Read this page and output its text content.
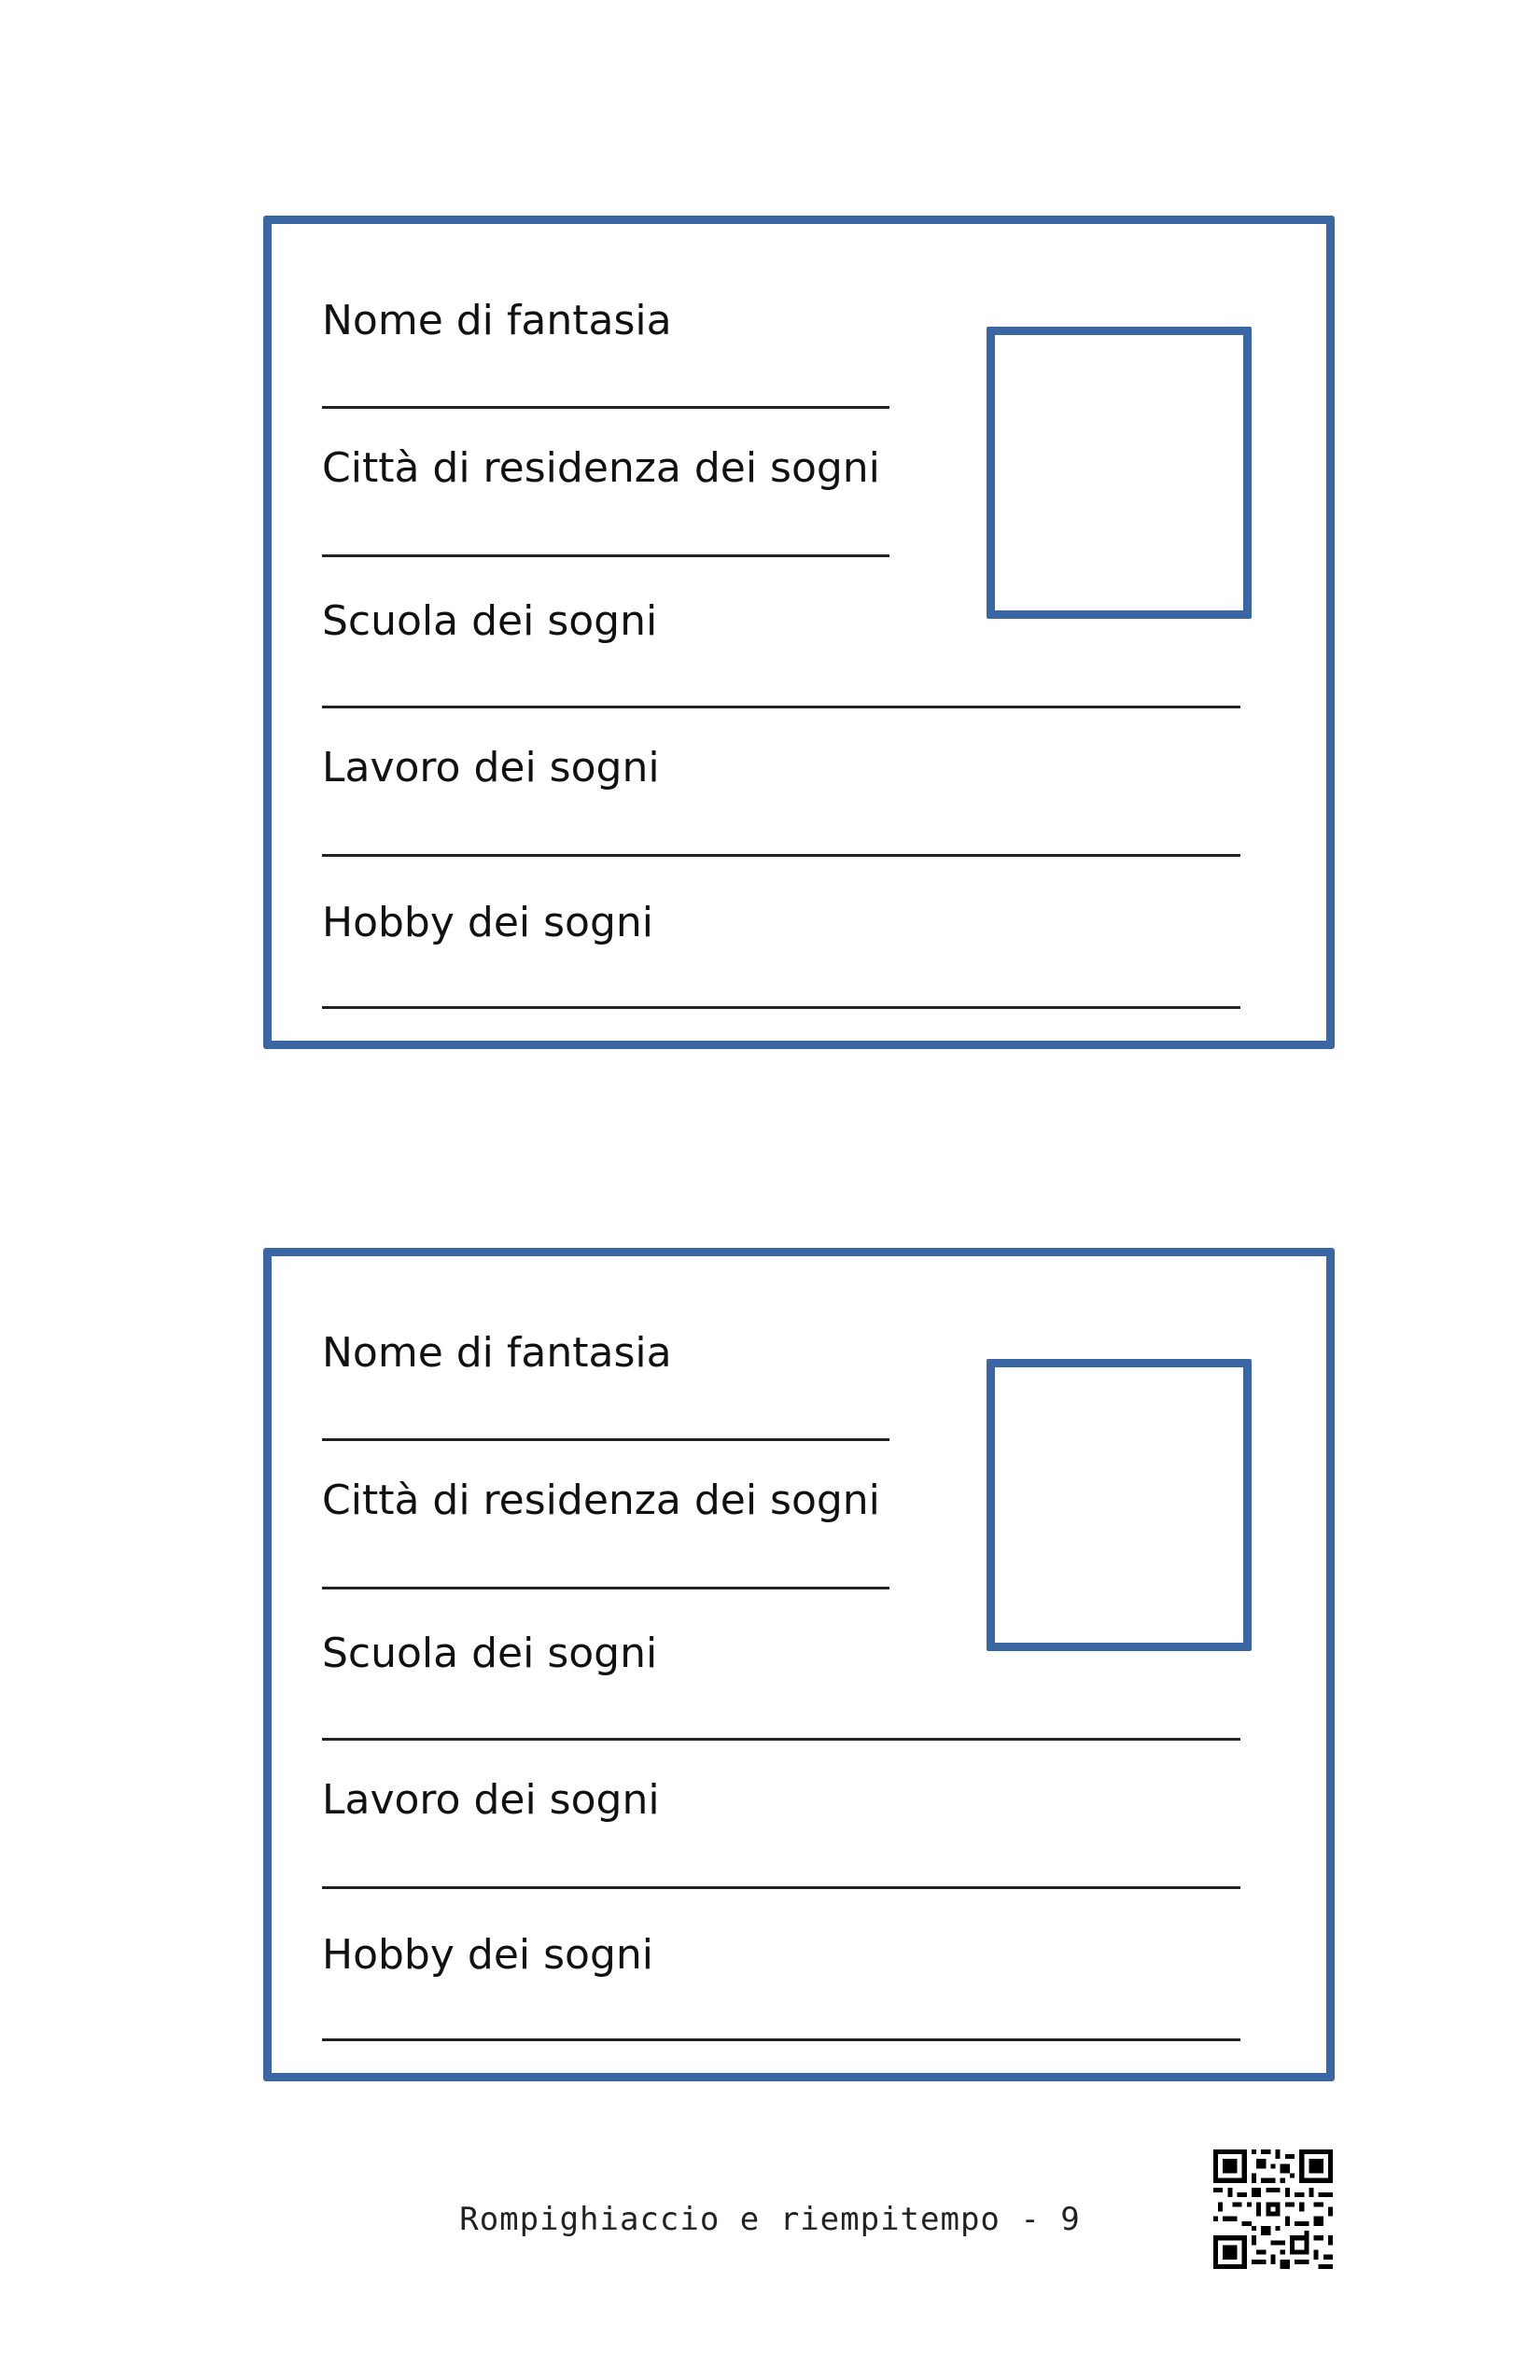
Nome di fantasia
Città di residenza dei sogni
Scuola dei sogni
Lavoro dei sogni
Hobby dei sogni
Nome di fantasia
Città di residenza dei sogni
Scuola dei sogni
Lavoro dei sogni
Hobby dei sogni
Rompighiaccio e riempitempo - 9
